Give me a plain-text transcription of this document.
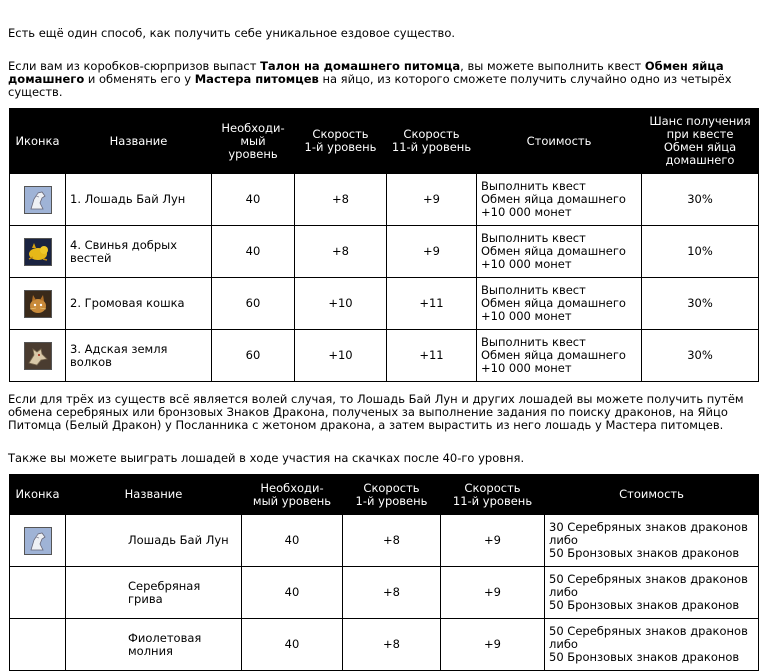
Есть ещё один способ, как получить себе уникальное ездовое существо.

Если вам из коробков-сюрпризов выпаст Талон на домашнего питомца, вы можете выполнить квест Обмен яйца
домашнего и обменять его у Мастера питомцев на яйцо, из которого сможете получить случайно одно из четырёх
существ.

Иконка	Название	Необходи-
мый уровень	Скорость
1-й уровень	Скорость
11-й уровень	Стоимость	Шанс получения
при квесте
Обмен яйца
домашнего

	1. Лошадь Бай Лун	40	+8	+9	Выполнить квест
Обмен яйца домашнего
+10 000 монет	30%

	4. Свинья добрых
вестей	40	+8	+9	Выполнить квест
Обмен яйца домашнего
+10 000 монет	10%

	2. Громовая кошка	60	+10	+11	Выполнить квест
Обмен яйца домашнего
+10 000 монет	30%

	3. Адская земля
волков	60	+10	+11	Выполнить квест
Обмен яйца домашнего
+10 000 монет	30%

Если для трёх из существ всё является волей случая, то Лошадь Бай Лун и других лошадей вы можете получить путём
обмена серебряных или бронзовых Знаков Дракона, полученых за выполнение задания по поиску драконов, на Яйцо
Питомца (Белый Дракон) у Посланника с жетоном дракона, а затем вырастить из него лошадь у Мастера питомцев.

Также вы можете выиграть лошадей в ходе участия на скачках после 40-го уровня.

Иконка	Название	Необходи-
мый уровень	Скорость
1-й уровень	Скорость
11-й уровень	Стоимость

	Лошадь Бай Лун	40	+8	+9	30 Серебряных знаков драконов
либо
50 Бронзовых знаков драконов
	Серебряная грива	40	+8	+9	50 Серебряных знаков драконов
либо
50 Бронзовых знаков драконов
	Фиолетовая молния	40	+8	+9	50 Серебряных знаков драконов
либо
50 Бронзовых знаков драконов
